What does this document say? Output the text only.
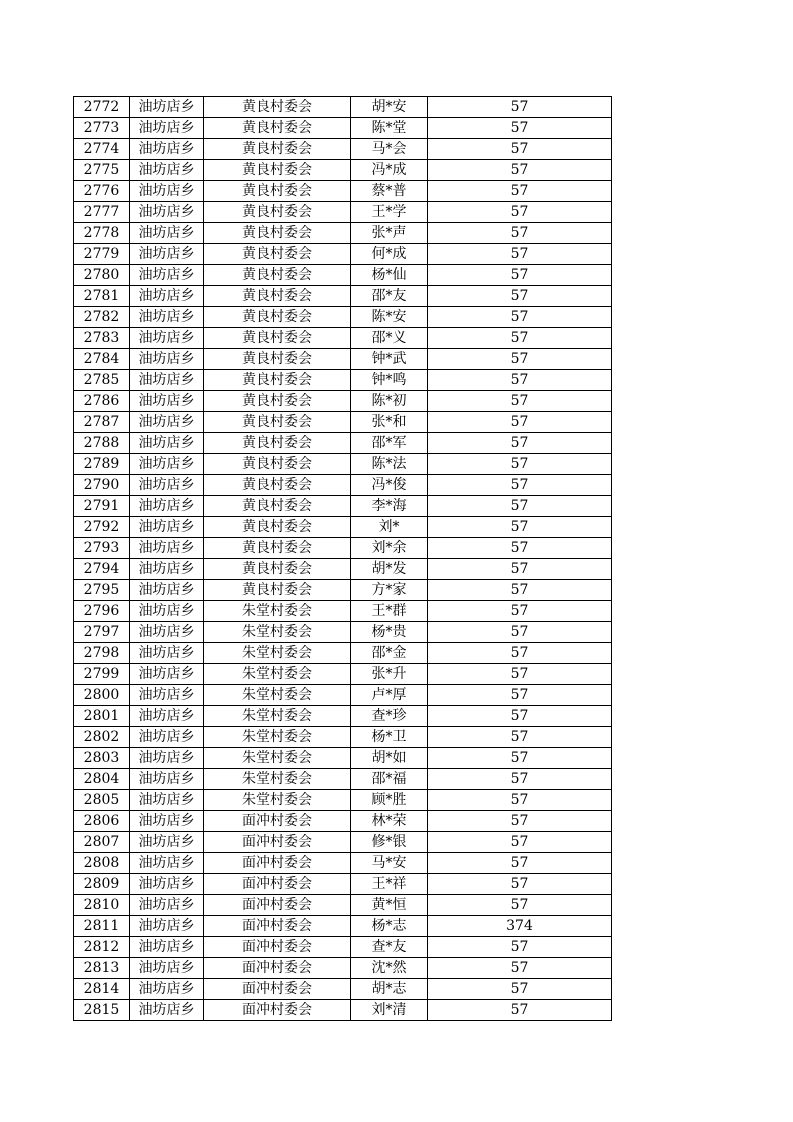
2772	油坊店乡	黄良村委会	胡*安	57
2773	油坊店乡	黄良村委会	陈*堂	57
2774	油坊店乡	黄良村委会	马*会	57
2775	油坊店乡	黄良村委会	冯*成	57
2776	油坊店乡	黄良村委会	蔡*普	57
2777	油坊店乡	黄良村委会	王*学	57
2778	油坊店乡	黄良村委会	张*声	57
2779	油坊店乡	黄良村委会	何*成	57
2780	油坊店乡	黄良村委会	杨*仙	57
2781	油坊店乡	黄良村委会	邵*友	57
2782	油坊店乡	黄良村委会	陈*安	57
2783	油坊店乡	黄良村委会	邵*义	57
2784	油坊店乡	黄良村委会	钟*武	57
2785	油坊店乡	黄良村委会	钟*鸣	57
2786	油坊店乡	黄良村委会	陈*初	57
2787	油坊店乡	黄良村委会	张*和	57
2788	油坊店乡	黄良村委会	邵*军	57
2789	油坊店乡	黄良村委会	陈*法	57
2790	油坊店乡	黄良村委会	冯*俊	57
2791	油坊店乡	黄良村委会	李*海	57
2792	油坊店乡	黄良村委会	刘*	57
2793	油坊店乡	黄良村委会	刘*余	57
2794	油坊店乡	黄良村委会	胡*发	57
2795	油坊店乡	黄良村委会	方*家	57
2796	油坊店乡	朱堂村委会	王*群	57
2797	油坊店乡	朱堂村委会	杨*贵	57
2798	油坊店乡	朱堂村委会	邵*金	57
2799	油坊店乡	朱堂村委会	张*升	57
2800	油坊店乡	朱堂村委会	卢*厚	57
2801	油坊店乡	朱堂村委会	查*珍	57
2802	油坊店乡	朱堂村委会	杨*卫	57
2803	油坊店乡	朱堂村委会	胡*如	57
2804	油坊店乡	朱堂村委会	邵*福	57
2805	油坊店乡	朱堂村委会	顾*胜	57
2806	油坊店乡	面冲村委会	林*荣	57
2807	油坊店乡	面冲村委会	修*银	57
2808	油坊店乡	面冲村委会	马*安	57
2809	油坊店乡	面冲村委会	王*祥	57
2810	油坊店乡	面冲村委会	黄*恒	57
2811	油坊店乡	面冲村委会	杨*志	374
2812	油坊店乡	面冲村委会	查*友	57
2813	油坊店乡	面冲村委会	沈*然	57
2814	油坊店乡	面冲村委会	胡*志	57
2815	油坊店乡	面冲村委会	刘*清	57
